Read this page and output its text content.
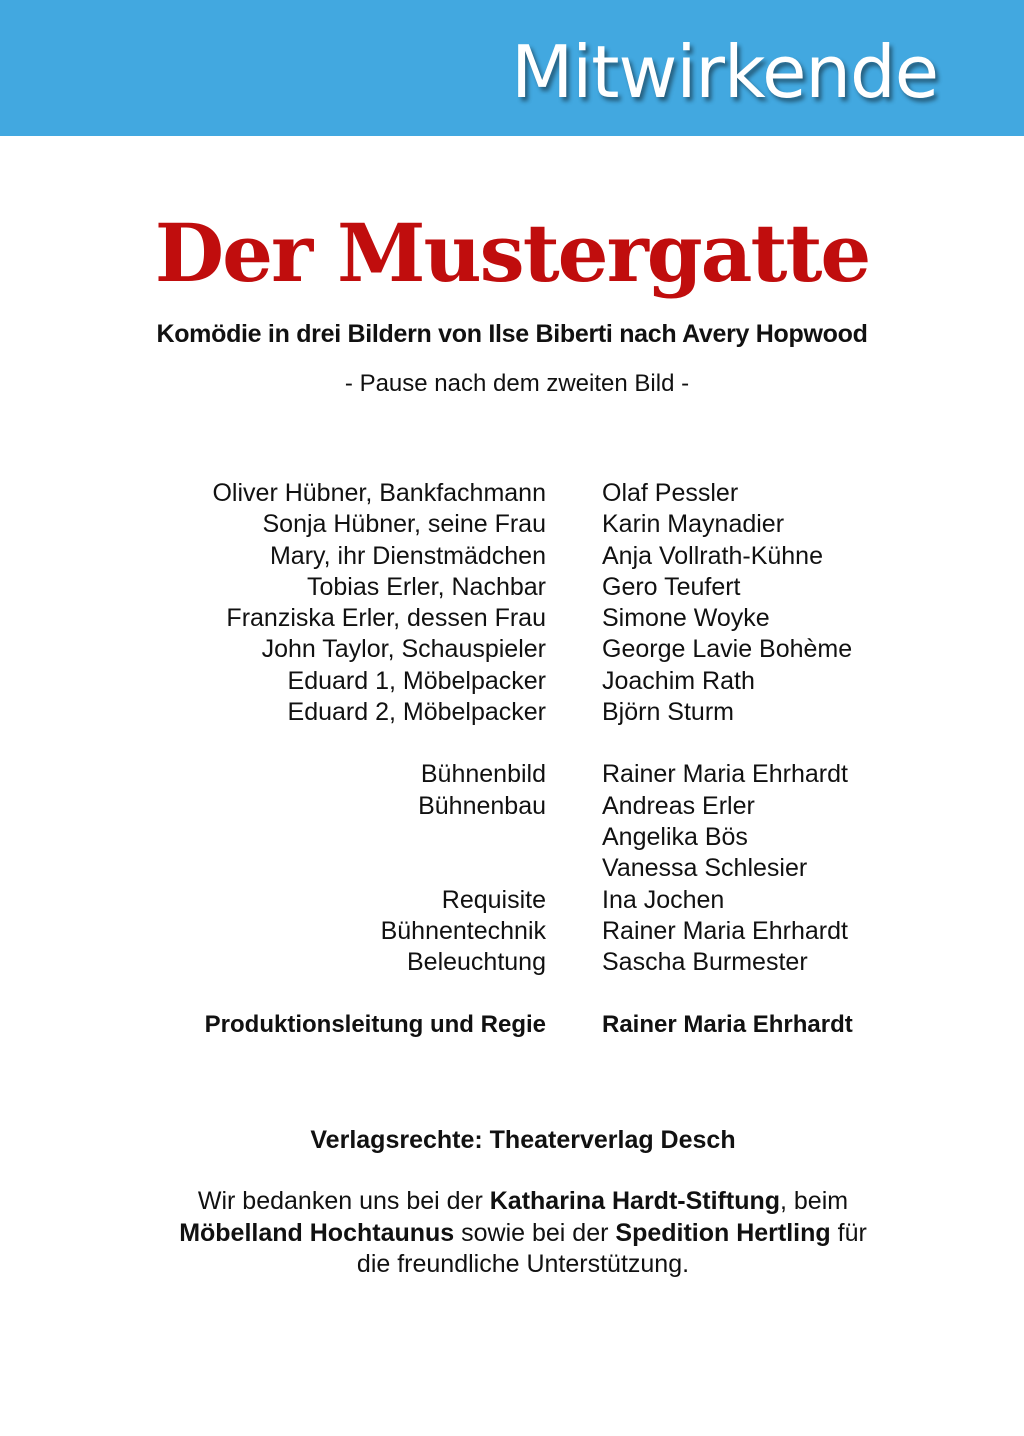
Mitwirkende
Der Mustergatte
Komödie in drei Bildern von Ilse Biberti nach Avery Hopwood
- Pause nach dem zweiten Bild -
Oliver Hübner, Bankfachmann Olaf Pessler
Sonja Hübner, seine Frau Karin Maynadier
Mary, ihr Dienstmädchen Anja Vollrath-Kühne
Tobias Erler, Nachbar Gero Teufert
Franziska Erler, dessen Frau Simone Woyke
John Taylor, Schauspieler George Lavie Bohème
Eduard 1, Möbelpacker Joachim Rath
Eduard 2, Möbelpacker Björn Sturm
Bühnenbild Rainer Maria Ehrhardt
Bühnenbau Andreas Erler
Angelika Bös
Vanessa Schlesier
Requisite Ina Jochen
Bühnentechnik Rainer Maria Ehrhardt
Beleuchtung Sascha Burmester
Produktionsleitung und Regie Rainer Maria Ehrhardt
Verlagsrechte: Theaterverlag Desch
Wir bedanken uns bei der Katharina Hardt-Stiftung, beim
Möbelland Hochtaunus sowie bei der Spedition Hertling für
die freundliche Unterstützung.
